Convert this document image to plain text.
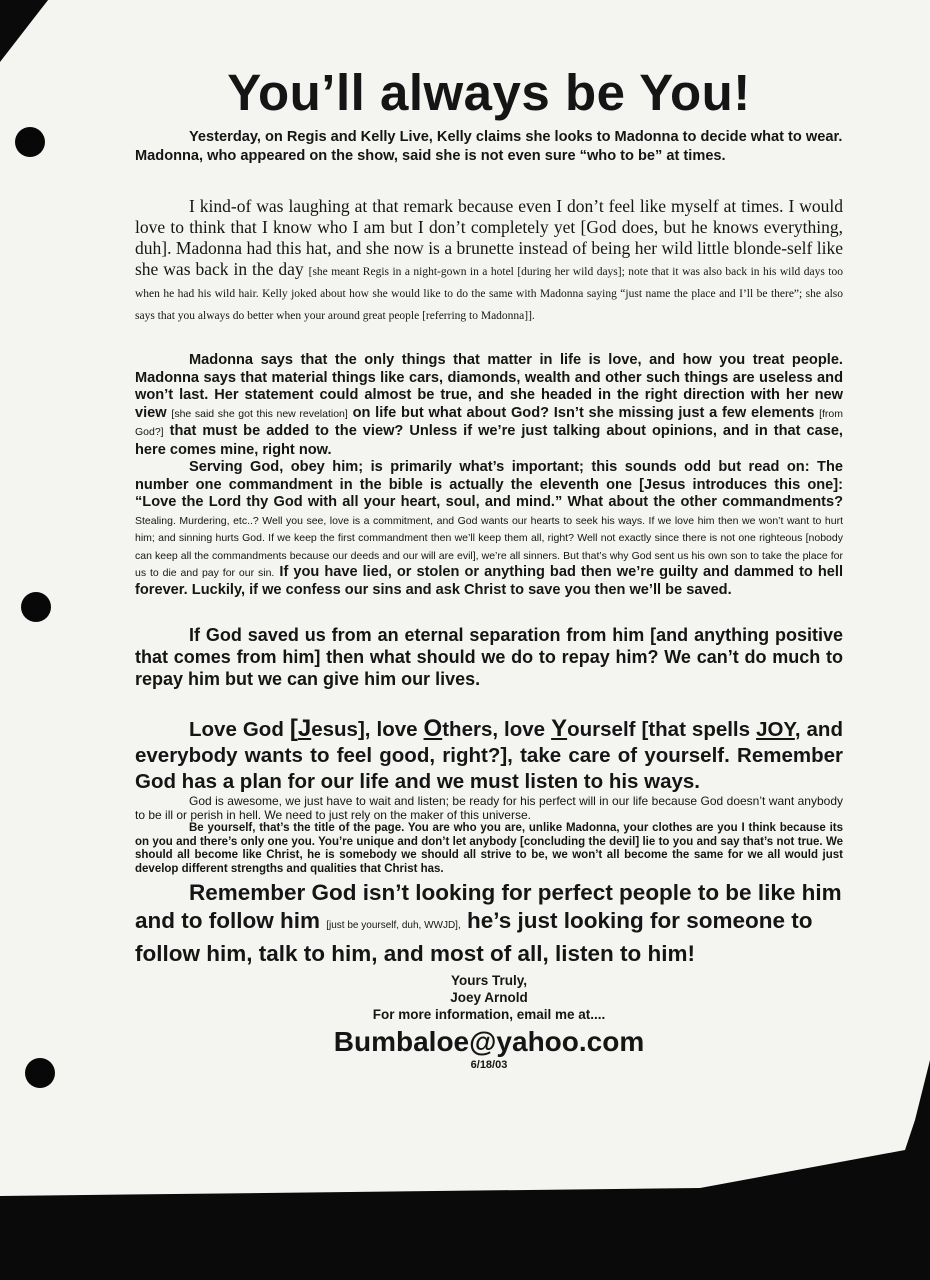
You’ll always be You!

Yesterday, on Regis and Kelly Live, Kelly claims she looks to Madonna to decide what to wear. Madonna, who appeared on the show, said she is not even sure “who to be” at times.

I kind-of was laughing at that remark because even I don’t feel like myself at times. I would love to think that I know who I am but I don’t completely yet [God does, but he knows everything, duh]. Madonna had this hat, and she now is a brunette instead of being her wild little blonde-self like she was back in the day [she meant Regis in a night-gown in a hotel [during her wild days]; note that it was also back in his wild days too when he had his wild hair. Kelly joked about how she would like to do the same with Madonna saying “just name the place and I’ll be there”; she also says that you always do better when your around great people [referring to Madonna]].

Madonna says that the only things that matter in life is love, and how you treat people. Madonna says that material things like cars, diamonds, wealth and other such things are useless and won’t last. Her statement could almost be true, and she headed in the right direction with her new view [she said she got this new revelation] on life but what about God? Isn’t she missing just a few elements [from God?] that must be added to the view? Unless if we’re just talking about opinions, and in that case, here comes mine, right now.

Serving God, obey him; is primarily what’s important; this sounds odd but read on: The number one commandment in the bible is actually the eleventh one [Jesus introduces this one]: “Love the Lord thy God with all your heart, soul, and mind.” What about the other commandments? Stealing. Murdering, etc..? Well you see, love is a commitment, and God wants our hearts to seek his ways. If we love him then we won’t want to hurt him; and sinning hurts God. If we keep the first commandment then we’ll keep them all, right? Well not exactly since there is not one righteous [nobody can keep all the commandments because our deeds and our will are evil], we’re all sinners. But that’s why God sent us his own son to take the place for us to die and pay for our sin. If you have lied, or stolen or anything bad then we’re guilty and dammed to hell forever. Luckily, if we confess our sins and ask Christ to save you then we’ll be saved.

If God saved us from an eternal separation from him [and anything positive that comes from him] then what should we do to repay him? We can’t do much to repay him but we can give him our lives.

Love God [Jesus], love Others, love Yourself [that spells JOY, and everybody wants to feel good, right?], take care of yourself. Remember God has a plan for our life and we must listen to his ways.

God is awesome, we just have to wait and listen; be ready for his perfect will in our life because God doesn’t want anybody to be ill or perish in hell. We need to just rely on the maker of this universe.

Be yourself, that’s the title of the page. You are who you are, unlike Madonna, your clothes are you I think because its on you and there’s only one you. You’re unique and don’t let anybody [concluding the devil] lie to you and say that’s not true. We should all become like Christ, he is somebody we should all strive to be, we won’t all become the same for we all would just develop different strengths and qualities that Christ has.

Remember God isn’t looking for perfect people to be like him and to follow him [just be yourself, duh, WWJD], he’s just looking for someone to follow him, talk to him, and most of all, listen to him!

Yours Truly,
Joey Arnold
For more information, email me at....
Bumbaloe@yahoo.com
6/18/03
